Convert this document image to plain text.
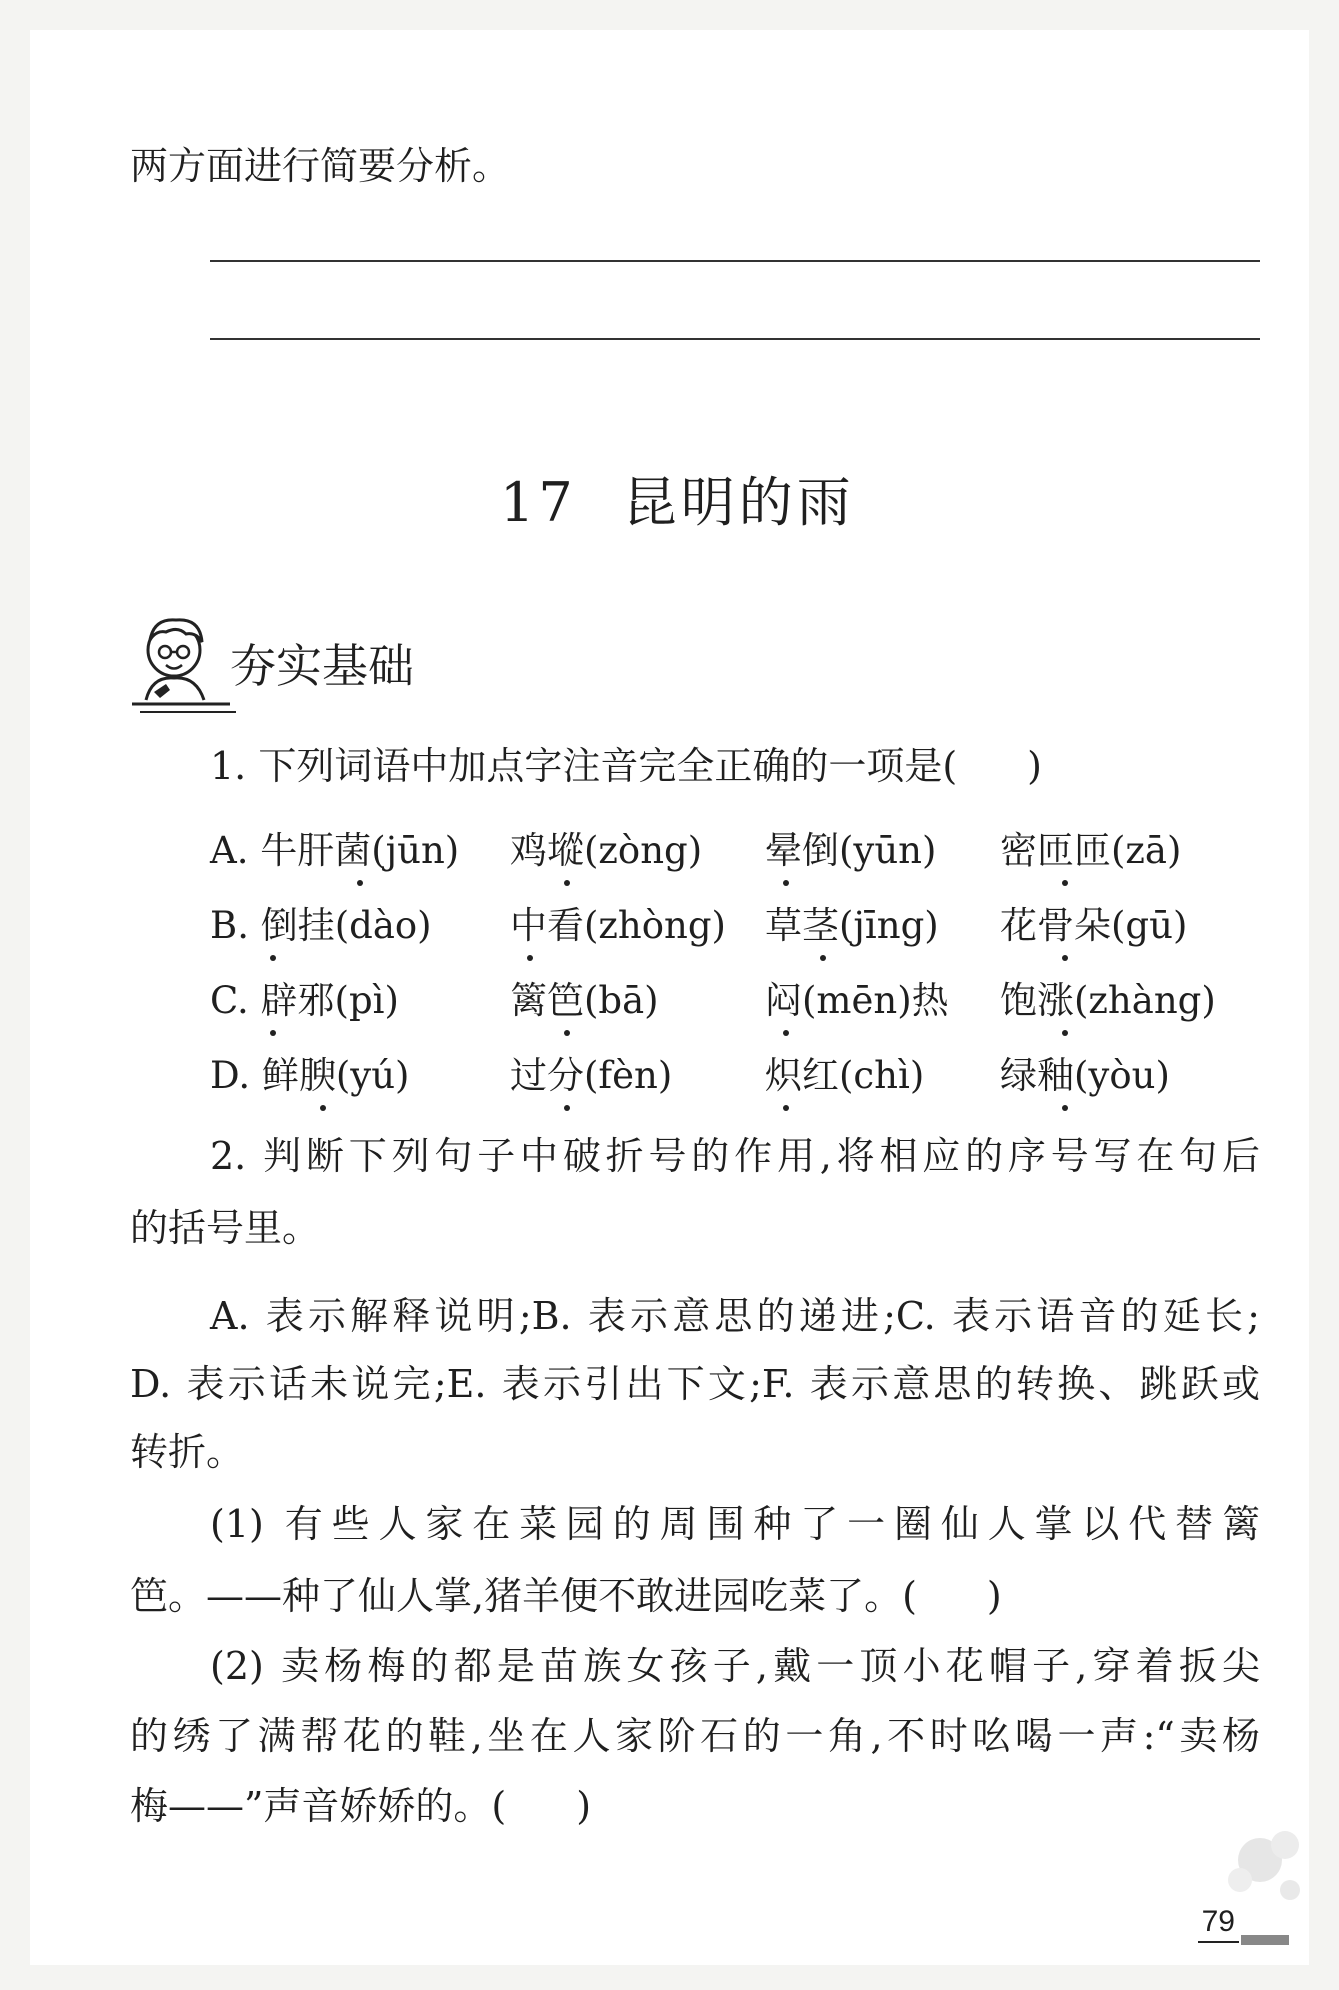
两方面进行简要分析。
17 昆明的雨
夯实基础
1. 下列词语中加点字注音完全正确的一项是( )
A. 牛肝菌(jūn) 鸡㙡(zòng) 晕倒(yūn) 密匝匝(zā)
B. 倒挂(dào) 中看(zhòng) 草茎(jīng) 花骨朵(gū)
C. 辟邪(pì)	篱笆(bā)	闷(mēn)热 饱涨(zhàng)
D. 鲜腴(yú)	过分(fèn)	炽红(chì) 绿釉(yòu)
2. 判断下列句子中破折号的作用,将相应的序号写在句后
的括号里。
A. 表示解释说明;B. 表示意思的递进;C. 表示语音的延长;
D. 表示话未说完;E. 表示引出下文;F. 表示意思的转换、跳跃或
转折。
(1) 有些人家在菜园的周围种了一圈仙人掌以代替篱
笆。——种了仙人掌,猪羊便不敢进园吃菜了。( )
(2) 卖杨梅的都是苗族女孩子,戴一顶小花帽子,穿着扳尖
的绣了满帮花的鞋,坐在人家阶石的一角,不时吆喝一声:“卖杨
梅——”声音娇娇的。( )
79
